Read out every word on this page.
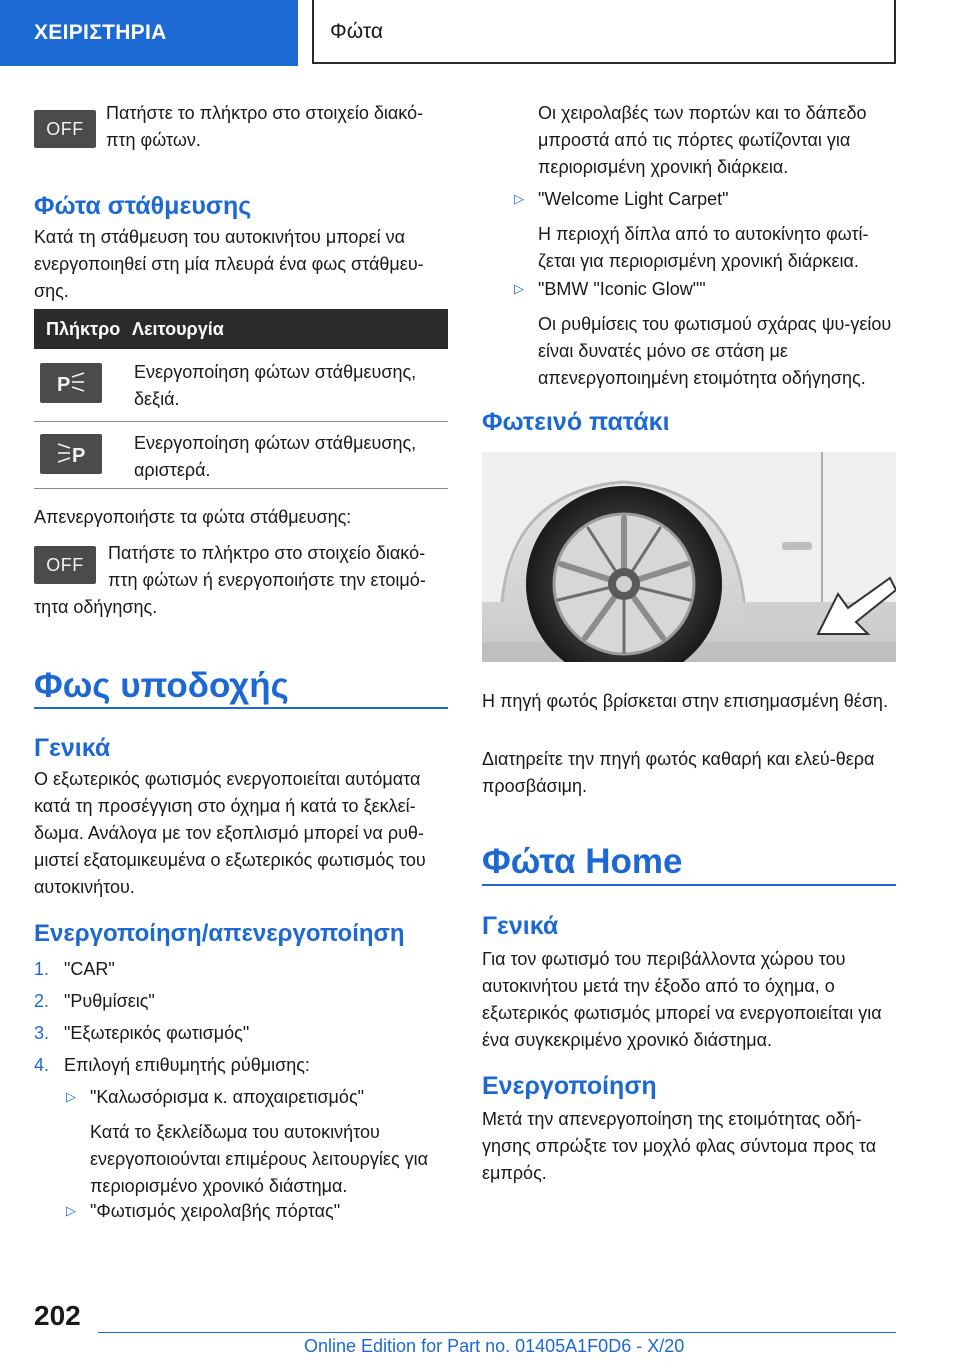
ΧΕΙΡΙΣΤΗΡΙΑ	Φώτα
OFF

Πατήστε το πλήκτρο στο στοιχείο διακό-
πτη φώτων.

Φώτα στάθμευσης

Κατά τη στάθμευση του αυτοκινήτου μπορεί να ενεργοποιηθεί στη μία πλευρά ένα φως στάθμευ-σης.

Πλήκτρο Λειτουργία
P

Ενεργοποίηση φώτων στάθμευσης, δεξιά.

P

Ενεργοποίηση φώτων στάθμευσης, αριστερά.

Απενεργοποιήστε τα φώτα στάθμευσης:

OFF

Πατήστε το πλήκτρο στο στοιχείο διακό-πτη φώτων ή ενεργοποιήστε την ετοιμό-τητα οδήγησης.

Φως υποδοχής
Γενικά

Ο εξωτερικός φωτισμός ενεργοποιείται αυτόματα κατά τη προσέγγιση στο όχημα ή κατά το ξεκλεί-δωμα. Ανάλογα με τον εξοπλισμό μπορεί να ρυθ-μιστεί εξατομικευμένα ο εξωτερικός φωτισμός του αυτοκινήτου.

Ενεργοποίηση/απενεργοποίηση
1. "CAR"
2. "Ρυθμίσεις"
3. "Εξωτερικός φωτισμός"
4. Επιλογή επιθυμητής ρύθμισης:
▷ "Καλωσόρισμα κ. αποχαιρετισμός"

Κατά το ξεκλείδωμα του αυτοκινήτου ενεργοποιούνται επιμέρους λειτουργίες για περιορισμένο χρονικό διάστημα.

▷ "Φωτισμός χειρολαβής πόρτας"

Οι χειρολαβές των πορτών και το δάπεδο μπροστά από τις πόρτες φωτίζονται για περιορισμένη χρονική διάρκεια.

▷ "Welcome Light Carpet"

Η περιοχή δίπλα από το αυτοκίνητο φωτί-ζεται για περιορισμένη χρονική διάρκεια.

▷ "BMW "Iconic Glow""

Οι ρυθμίσεις του φωτισμού σχάρας ψυ-γείου είναι δυνατές μόνο σε στάση με απενεργοποιημένη ετοιμότητα οδήγησης.

Φωτεινό πατάκι

Η πηγή φωτός βρίσκεται στην επισημασμένη θέση.

Διατηρείτε την πηγή φωτός καθαρή και ελεύ-θερα προσβάσιμη.

Φώτα Home
Γενικά

Για τον φωτισμό του περιβάλλοντα χώρου του αυτοκινήτου μετά την έξοδο από το όχημα, ο εξωτερικός φωτισμός μπορεί να ενεργοποιείται για ένα συγκεκριμένο χρονικό διάστημα.

Ενεργοποίηση

Μετά την απενεργοποίηση της ετοιμότητας οδή-γησης σπρώξτε τον μοχλό φλας σύντομα προς τα εμπρός.

202
Online Edition for Part no. 01405A1F0D6 - X/20
